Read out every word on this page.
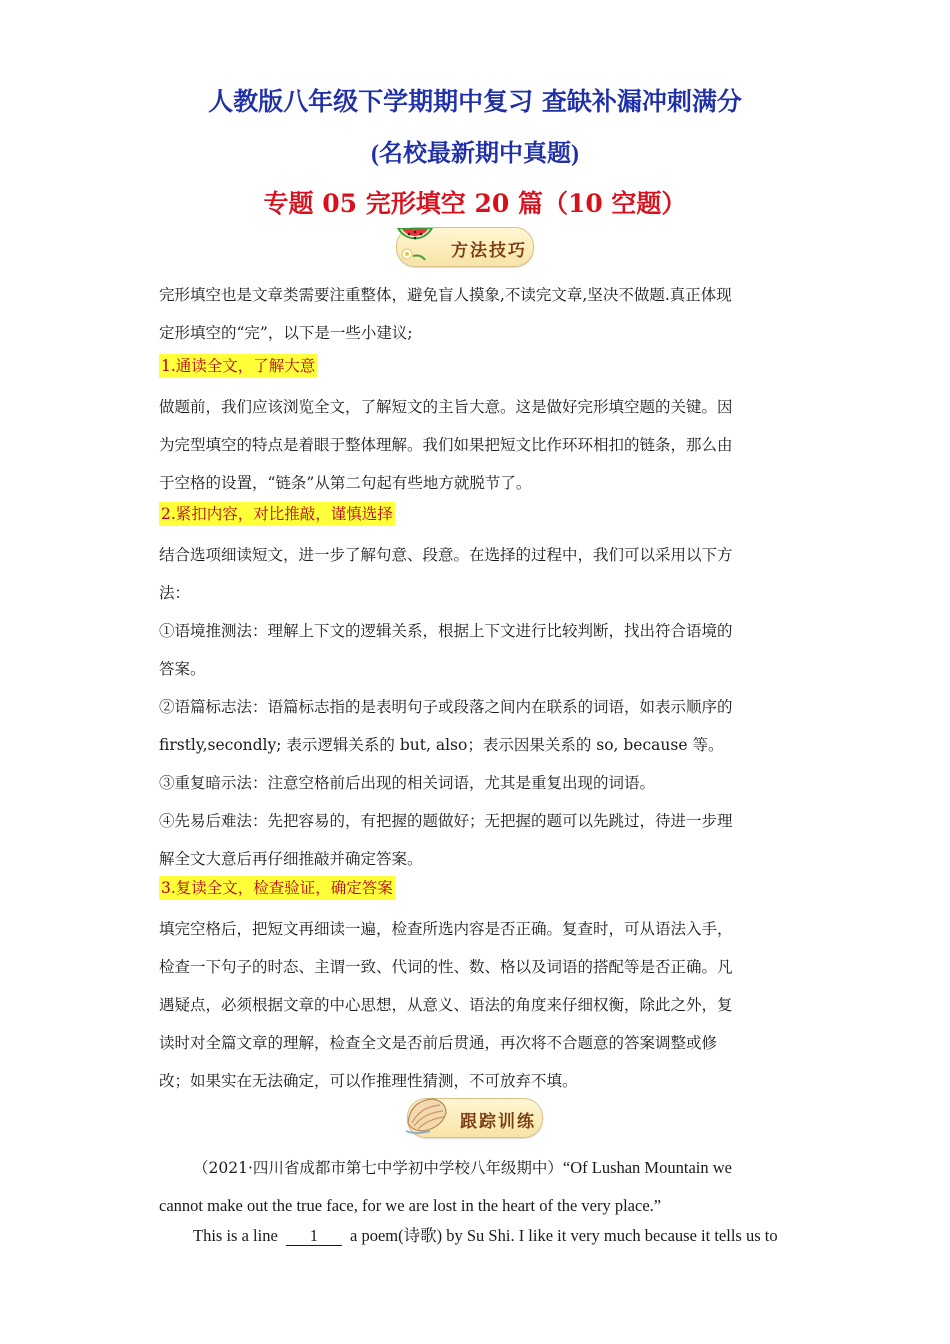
人教版八年级下学期期中复习 查缺补漏冲刺满分
(名校最新期中真题)
专题 05 完形填空 20 篇（10 空题）
方法技巧
完形填空也是文章类需要注重整体，避免盲人摸象,不读完文章,坚决不做题.真正体现
定形填空的“完”，以下是一些小建议;
1.通读全文，了解大意
做题前，我们应该浏览全文，了解短文的主旨大意。这是做好完形填空题的关键。因
为完型填空的特点是着眼于整体理解。我们如果把短文比作环环相扣的链条，那么由
于空格的设置，“链条”从第二句起有些地方就脱节了。
2.紧扣内容，对比推敲，谨慎选择
结合选项细读短文，进一步了解句意、段意。在选择的过程中，我们可以采用以下方
法：
①语境推测法：理解上下文的逻辑关系，根据上下文进行比较判断，找出符合语境的
答案。
②语篇标志法：语篇标志指的是表明句子或段落之间内在联系的词语，如表示顺序的
firstly,secondly; 表示逻辑关系的 but, also；表示因果关系的 so, because 等。
③重复暗示法：注意空格前后出现的相关词语，尤其是重复出现的词语。
④先易后难法：先把容易的，有把握的题做好；无把握的题可以先跳过，待进一步理
解全文大意后再仔细推敲并确定答案。
3.复读全文，检查验证，确定答案
填完空格后，把短文再细读一遍，检查所选内容是否正确。复查时，可从语法入手，
检查一下句子的时态、主谓一致、代词的性、数、格以及词语的搭配等是否正确。凡
遇疑点，必须根据文章的中心思想，从意义、语法的角度来仔细权衡，除此之外，复
读时对全篇文章的理解，检查全文是否前后贯通，再次将不合题意的答案调整或修
改；如果实在无法确定，可以作推理性猜测，不可放弃不填。
跟踪训练
（2021·四川省成都市第七中学初中学校八年级期中）“Of Lushan Mountain we
cannot make out the true face, for we are lost in the heart of the very place.”
This is a line 1 a poem(诗歌) by Su Shi. I like it very much because it tells us to
